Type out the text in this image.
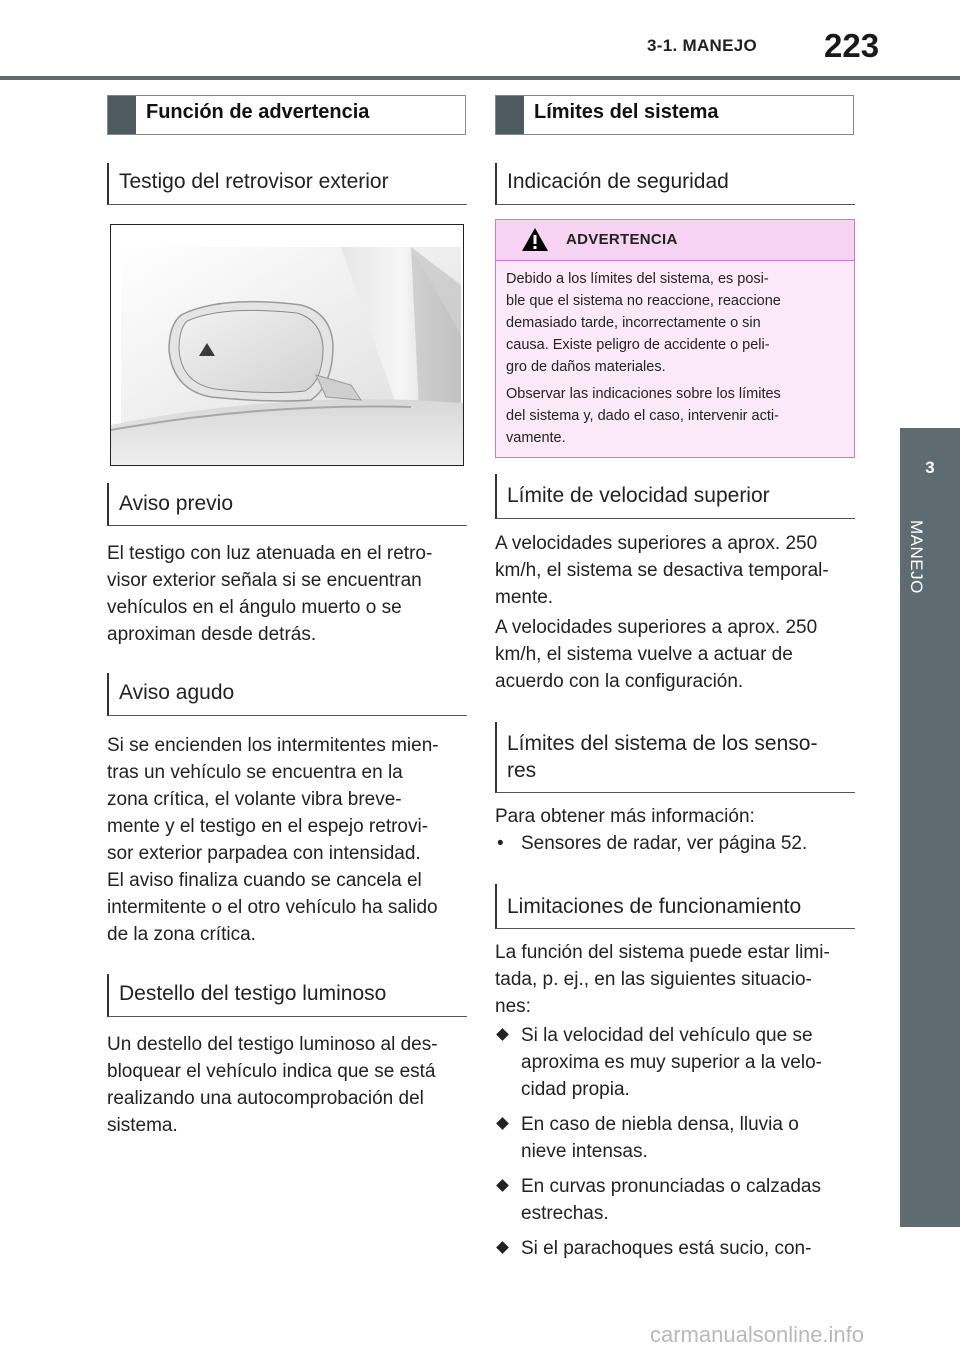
3-1. MANEJO 223
3
MANEJO
Función de advertencia
Testigo del retrovisor exterior
Aviso previo
El testigo con luz atenuada en el retro-
visor exterior señala si se encuentran
vehículos en el ángulo muerto o se
aproximan desde detrás.
Aviso agudo
Si se encienden los intermitentes mien-
tras un vehículo se encuentra en la
zona crítica, el volante vibra breve-
mente y el testigo en el espejo retrovi-
sor exterior parpadea con intensidad.
El aviso finaliza cuando se cancela el
intermitente o el otro vehículo ha salido
de la zona crítica.
Destello del testigo luminoso
Un destello del testigo luminoso al des-
bloquear el vehículo indica que se está
realizando una autocomprobación del
sistema.
Límites del sistema
Indicación de seguridad
ADVERTENCIA

Debido a los límites del sistema, es posi-
ble que el sistema no reaccione, reaccione
demasiado tarde, incorrectamente o sin
causa. Existe peligro de accidente o peli-
gro de daños materiales.

Observar las indicaciones sobre los límites
del sistema y, dado el caso, intervenir acti-
vamente.

Límite de velocidad superior
A velocidades superiores a aprox. 250
km/h, el sistema se desactiva temporal-
mente.
A velocidades superiores a aprox. 250
km/h, el sistema vuelve a actuar de
acuerdo con la configuración.
Límites del sistema de los senso-
res
Para obtener más información:
• Sensores de radar, ver página 52.
Limitaciones de funcionamiento
La función del sistema puede estar limi-
tada, p. ej., en las siguientes situacio-
nes:
Si la velocidad del vehículo que se
aproxima es muy superior a la velo-
cidad propia.
En caso de niebla densa, lluvia o
nieve intensas.
En curvas pronunciadas o calzadas
estrechas.
Si el parachoques está sucio, con-
carmanualsonline.info
